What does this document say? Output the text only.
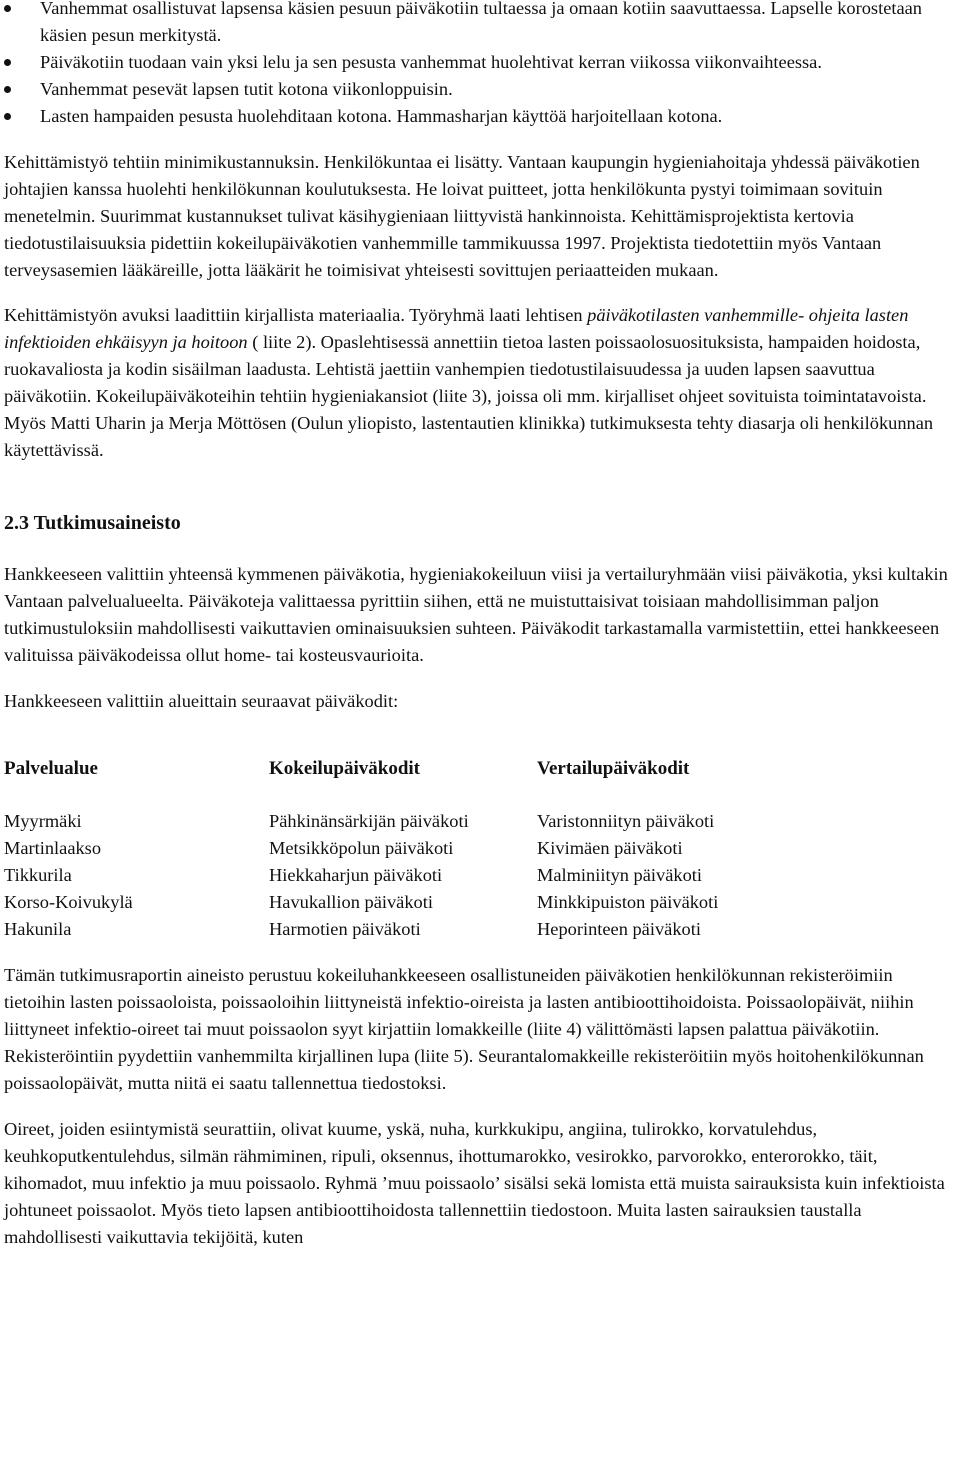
Vanhemmat osallistuvat lapsensa käsien pesuun päiväkotiin tultaessa ja omaan kotiin saavuttaessa. Lapselle korostetaan käsien pesun merkitystä.
Päiväkotiin tuodaan vain yksi lelu ja sen pesusta vanhemmat huolehtivat kerran viikossa viikonvaihteessa.
Vanhemmat pesevät lapsen tutit kotona viikonloppuisin.
Lasten hampaiden pesusta huolehditaan kotona. Hammasharjan käyttöä harjoitellaan kotona.

Kehittämistyö tehtiin minimikustannuksin. Henkilökuntaa ei lisätty. Vantaan kaupungin hygieniahoitaja yhdessä päiväkotien johtajien kanssa huolehti henkilökunnan koulutuksesta. He loivat puitteet, jotta henkilökunta pystyi toimimaan sovituin menetelmin. Suurimmat kustannukset tulivat käsihygieniaan liittyvistä hankinnoista. Kehittämisprojektista kertovia tiedotustilaisuuksia pidettiin kokeilupäiväkotien vanhemmille tammikuussa 1997. Projektista tiedotettiin myös Vantaan terveysasemien lääkäreille, jotta lääkärit he toimisivat yhteisesti sovittujen periaatteiden mukaan.

Kehittämistyön avuksi laadittiin kirjallista materiaalia. Työryhmä laati lehtisen päiväkotilasten vanhemmille- ohjeita lasten infektioiden ehkäisyyn ja hoitoon ( liite 2). Opaslehtisessä annettiin tietoa lasten poissaolosuosituksista, hampaiden hoidosta, ruokavaliosta ja kodin sisäilman laadusta. Lehtistä jaettiin vanhempien tiedotustilaisuudessa ja uuden lapsen saavuttua päiväkotiin. Kokeilupäiväkoteihin tehtiin hygieniakansiot (liite 3), joissa oli mm. kirjalliset ohjeet sovituista toimintatavoista. Myös Matti Uharin ja Merja Möttösen (Oulun yliopisto, lastentautien klinikka) tutkimuksesta tehty diasarja oli henkilökunnan käytettävissä.

2.3 Tutkimusaineisto

Hankkeeseen valittiin yhteensä kymmenen päiväkotia, hygieniakokeiluun viisi ja vertailuryhmään viisi päiväkotia, yksi kultakin Vantaan palvelualueelta. Päiväkoteja valittaessa pyrittiin siihen, että ne muistuttaisivat toisiaan mahdollisimman paljon tutkimustuloksiin mahdollisesti vaikuttavien ominaisuuksien suhteen. Päiväkodit tarkastamalla varmistettiin, ettei hankkeeseen valituissa päiväkodeissa ollut home- tai kosteusvaurioita.

Hankkeeseen valittiin alueittain seuraavat päiväkodit:

Palvelualue	Kokeilupäiväkodit	Vertailupäiväkodit
Myyrmäki	Pähkinänsärkijän päiväkoti	Varistonniityn päiväkoti
Martinlaakso	Metsikköpolun päiväkoti	Kivimäen päiväkoti
Tikkurila	Hiekkaharjun päiväkoti	Malminiityn päiväkoti
Korso-Koivukylä	Havukallion päiväkoti	Minkkipuiston päiväkoti
Hakunila	Harmotien päiväkoti	Heporinteen päiväkoti

Tämän tutkimusraportin aineisto perustuu kokeiluhankkeeseen osallistuneiden päiväkotien henkilökunnan rekisteröimiin tietoihin lasten poissaoloista, poissaoloihin liittyneistä infektio-oireista ja lasten antibioottihoidoista. Poissaolopäivät, niihin liittyneet infektio-oireet tai muut poissaolon syyt kirjattiin lomakkeille (liite 4) välittömästi lapsen palattua päiväkotiin. Rekisteröintiin pyydettiin vanhemmilta kirjallinen lupa (liite 5). Seurantalomakkeille rekisteröitiin myös hoitohenkilökunnan poissaolopäivät, mutta niitä ei saatu tallennettua tiedostoksi.

Oireet, joiden esiintymistä seurattiin, olivat kuume, yskä, nuha, kurkkukipu, angiina, tulirokko, korvatulehdus, keuhkoputkentulehdus, silmän rähmiminen, ripuli, oksennus, ihottumarokko, vesirokko, parvorokko, enterorokko, täit, kihomadot, muu infektio ja muu poissaolo. Ryhmä ’muu poissaolo’ sisälsi sekä lomista että muista sairauksista kuin infektioista johtuneet poissaolot. Myös tieto lapsen antibioottihoidosta tallennettiin tiedostoon. Muita lasten sairauksien taustalla mahdollisesti vaikuttavia tekijöitä, kuten
